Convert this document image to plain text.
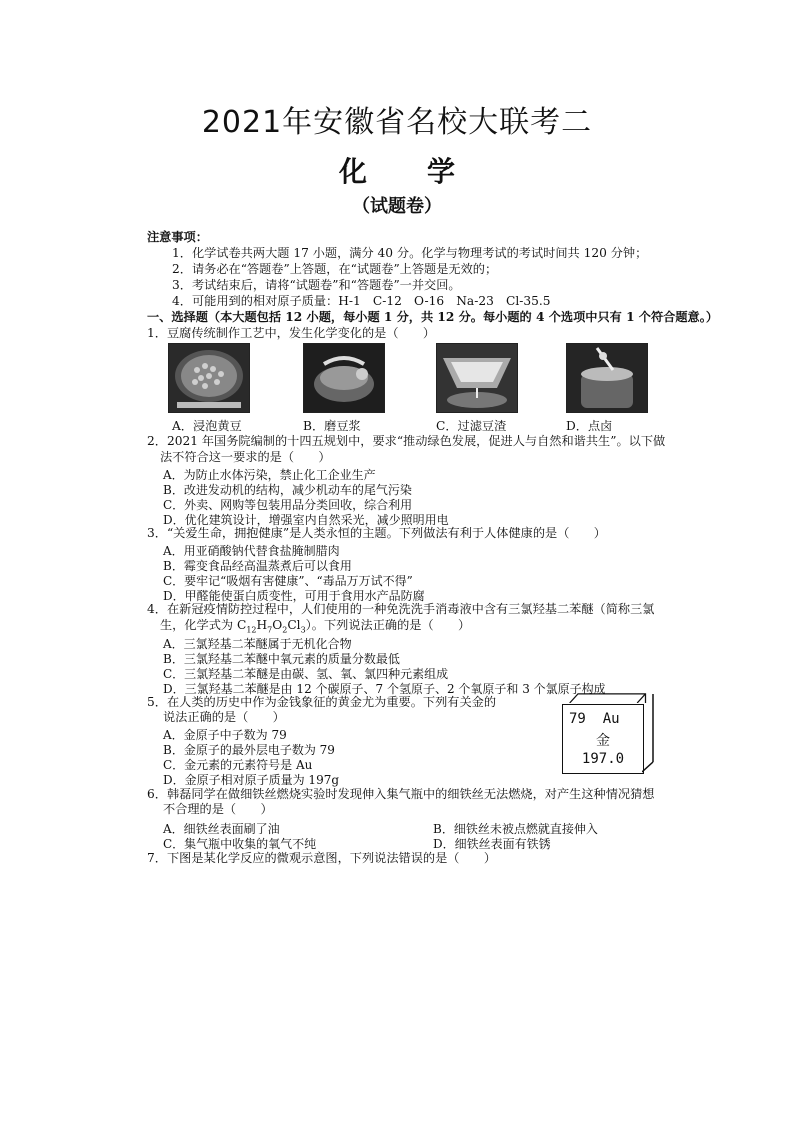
2021年安徽省名校大联考二
化学
（试题卷）
注意事项：
1．化学试卷共两大题 17 小题，满分 40 分。化学与物理考试的考试时间共 120 分钟；
2．请务必在“答题卷”上答题，在“试题卷”上答题是无效的；
3．考试结束后，请将“试题卷”和“答题卷”一并交回。
4．可能用到的相对原子质量：H-1　C-12　O-16　Na-23　Cl-35.5
一、选择题（本大题包括 12 小题，每小题 1 分，共 12 分。每小题的 4 个选项中只有 1 个符合题意。）
1．豆腐传统制作工艺中，发生化学变化的是（　　）
A．浸泡黄豆	B．磨豆浆	C．过滤豆渣	D．点卤
2．2021 年国务院编制的十四五规划中，要求“推动绿色发展，促进人与自然和谐共生”。以下做
法不符合这一要求的是（　　）
A．为防止水体污染，禁止化工企业生产
B．改进发动机的结构，减少机动车的尾气污染
C．外卖、网购等包装用品分类回收，综合利用
D．优化建筑设计，增强室内自然采光，减少照明用电
3．“关爱生命，拥抱健康”是人类永恒的主题。下列做法有利于人体健康的是（　　）
A．用亚硝酸钠代替食盐腌制腊肉
B．霉变食品经高温蒸煮后可以食用
C．要牢记“吸烟有害健康”、“毒品万万试不得”
D．甲醛能使蛋白质变性，可用于食用水产品防腐
4．在新冠疫情防控过程中，人们使用的一种免洗洗手消毒液中含有三氯羟基二苯醚（简称三氯
生，化学式为 $C_{12}H_7O_2Cl_3$）。下列说法正确的是（　　）
A．三氯羟基二苯醚属于无机化合物
B．三氯羟基二苯醚中氧元素的质量分数最低
C．三氯羟基二苯醚是由碳、氢、氧、氯四种元素组成
D．三氯羟基二苯醚是由 12 个碳原子、7 个氢原子、2 个氧原子和 3 个氯原子构成
5．在人类的历史中作为金钱象征的黄金尤为重要。下列有关金的
说法正确的是（　　）
A．金原子中子数为 79
B．金原子的最外层电子数为 79
C．金元素的元素符号是 Au
D．金原子相对原子质量为 197g
79 Au
金
197.0
6．韩磊同学在做细铁丝燃烧实验时发现伸入集气瓶中的细铁丝无法燃烧，对产生这种情况猜想
不合理的是（　　）
A．细铁丝表面刷了油	B．细铁丝未被点燃就直接伸入
C．集气瓶中收集的氧气不纯	D．细铁丝表面有铁锈
7．下图是某化学反应的微观示意图，下列说法错误的是（　　）
